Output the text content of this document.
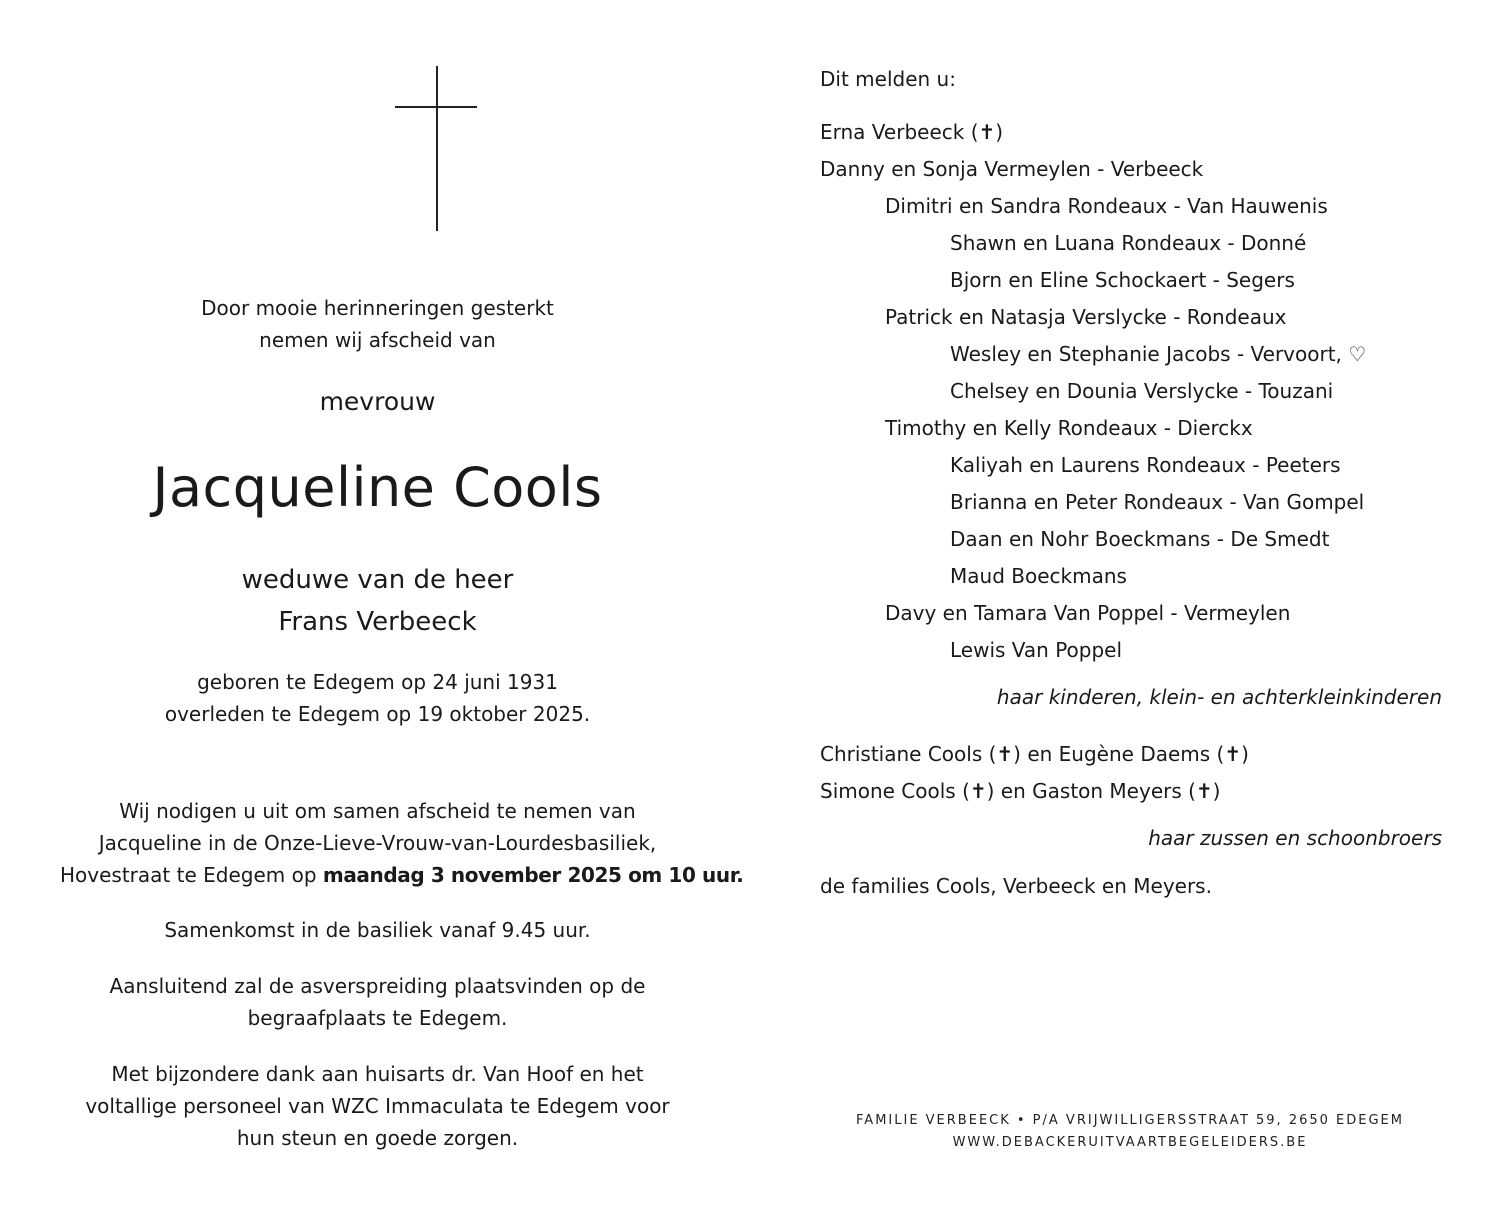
Door mooie herinneringen gesterkt
nemen wij afscheid van
mevrouw
Jacqueline Cools
weduwe van de heer
Frans Verbeeck
geboren te Edegem op 24 juni 1931
overleden te Edegem op 19 oktober 2025.
Wij nodigen u uit om samen afscheid te nemen van
Jacqueline in de Onze-Lieve-Vrouw-van-Lourdesbasiliek,
Hovestraat te Edegem op maandag 3 november 2025 om 10 uur.
Samenkomst in de basiliek vanaf 9.45 uur.
Aansluitend zal de asverspreiding plaatsvinden op de
begraafplaats te Edegem.
Met bijzondere dank aan huisarts dr. Van Hoof en het
voltallige personeel van WZC Immaculata te Edegem voor
hun steun en goede zorgen.
Dit melden u:
Erna Verbeeck (✝)
Danny en Sonja Vermeylen - Verbeeck
Dimitri en Sandra Rondeaux - Van Hauwenis
Shawn en Luana Rondeaux - Donné
Bjorn en Eline Schockaert - Segers
Patrick en Natasja Verslycke - Rondeaux
Wesley en Stephanie Jacobs - Vervoort, ♡
Chelsey en Dounia Verslycke - Touzani
Timothy en Kelly Rondeaux - Dierckx
Kaliyah en Laurens Rondeaux - Peeters
Brianna en Peter Rondeaux - Van Gompel
Daan en Nohr Boeckmans - De Smedt
Maud Boeckmans
Davy en Tamara Van Poppel - Vermeylen
Lewis Van Poppel
haar kinderen, klein- en achterkleinkinderen
Christiane Cools (✝) en Eugène Daems (✝)
Simone Cools (✝) en Gaston Meyers (✝)
haar zussen en schoonbroers
de families Cools, Verbeeck en Meyers.
FAMILIE VERBEECK • P/A VRIJWILLIGERSSTRAAT 59, 2650 EDEGEM
WWW.DEBACKERUITVAARTBEGELEIDERS.BE
